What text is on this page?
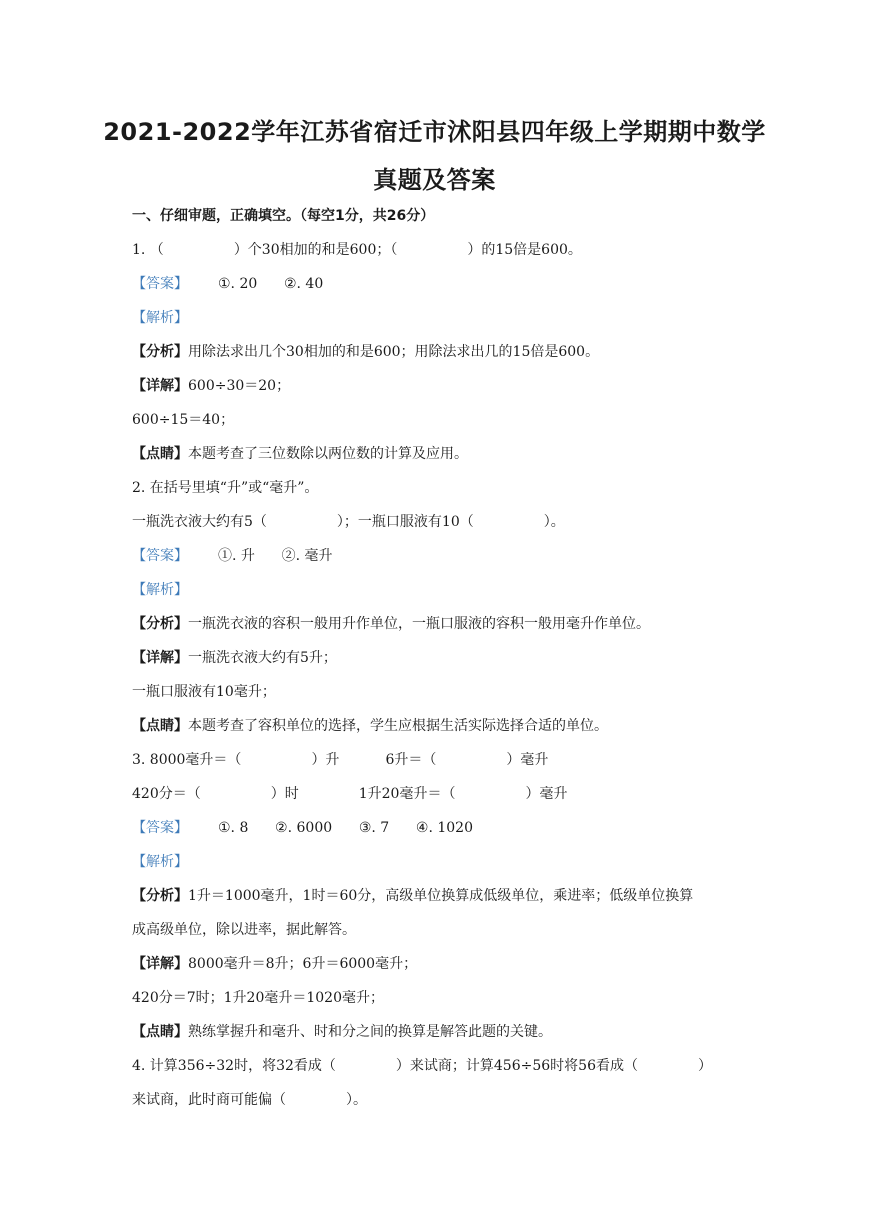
2021-2022学年江苏省宿迁市沭阳县四年级上学期期中数学
真题及答案
一、仔细审题，正确填空。（每空1分，共26分）
1. （	）个30相加的和是600；（	）的15倍是600。
【答案】 ①. 20      ②. 40
【解析】
【分析】用除法求出几个30相加的和是600；用除法求出几的15倍是600。
【详解】600÷30＝20；
600÷15＝40；
【点睛】本题考查了三位数除以两位数的计算及应用。
2. 在括号里填“升”或“毫升”。
一瓶洗衣液大约有5（	）；一瓶口服液有10（	）。
【答案】 ①. 升      ②. 毫升
【解析】
【分析】一瓶洗衣液的容积一般用升作单位，一瓶口服液的容积一般用毫升作单位。
【详解】一瓶洗衣液大约有5升；
一瓶口服液有10毫升；
【点睛】本题考查了容积单位的选择，学生应根据生活实际选择合适的单位。
3. 8000毫升＝（	）升	6升＝（	）毫升
420分＝（	）时	1升20毫升＝（	）毫升
【答案】 ①. 8      ②. 6000      ③. 7      ④. 1020
【解析】
【分析】1升＝1000毫升，1时＝60分，高级单位换算成低级单位，乘进率；低级单位换算
成高级单位，除以进率，据此解答。
【详解】8000毫升＝8升；6升＝6000毫升；
420分＝7时；1升20毫升＝1020毫升；
【点睛】熟练掌握升和毫升、时和分之间的换算是解答此题的关键。
4. 计算356÷32时，将32看成（	）来试商；计算456÷56时将56看成（	）
来试商，此时商可能偏（	）。
